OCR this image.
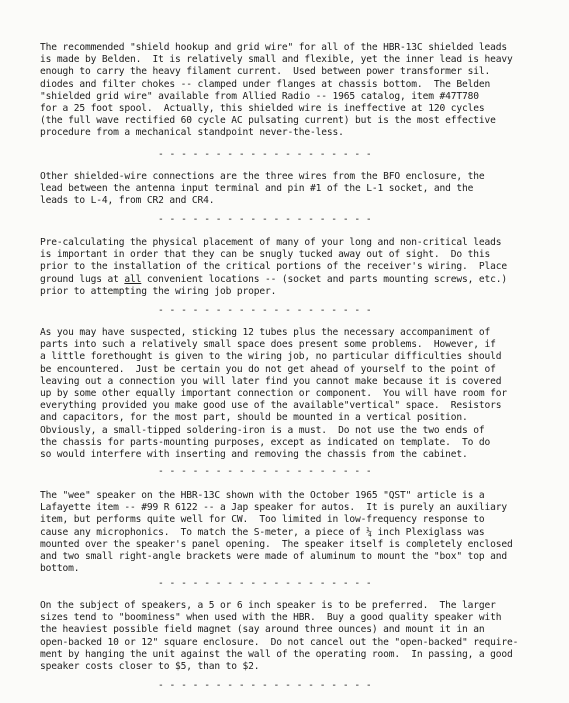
The recommended "shield hookup and grid wire" for all of the HBR-13C shielded leads
is made by Belden.  It is relatively small and flexible, yet the inner lead is heavy
enough to carry the heavy filament current.  Used between power transformer sil.
diodes and filter chokes -- clamped under flanges at chassis bottom.  The Belden
"shielded grid wire" available from Allied Radio -- 1965 catalog, item #47T780
for a 25 foot spool.  Actually, this shielded wire is ineffective at 120 cycles
(the full wave rectified 60 cycle AC pulsating current) but is the most effective
procedure from a mechanical standpoint never-the-less.

- - - - - - - - - - - - - - - - - - -

Other shielded-wire connections are the three wires from the BFO enclosure, the
lead between the antenna input terminal and pin #1 of the L-1 socket, and the
leads to L-4, from CR2 and CR4.

- - - - - - - - - - - - - - - - - - -

Pre-calculating the physical placement of many of your long and non-critical leads
is important in order that they can be snugly tucked away out of sight.  Do this
prior to the installation of the critical portions of the receiver's wiring.  Place
ground lugs at all convenient locations -- (socket and parts mounting screws, etc.)
prior to attempting the wiring job proper.

- - - - - - - - - - - - - - - - - - -

As you may have suspected, sticking 12 tubes plus the necessary accompaniment of
parts into such a relatively small space does present some problems.  However, if
a little forethought is given to the wiring job, no particular difficulties should
be encountered.  Just be certain you do not get ahead of yourself to the point of
leaving out a connection you will later find you cannot make because it is covered
up by some other equally important connection or component.  You will have room for
everything provided you make good use of the available"vertical" space.  Resistors
and capacitors, for the most part, should be mounted in a vertical position.
Obviously, a small-tipped soldering-iron is a must.  Do not use the two ends of
the chassis for parts-mounting purposes, except as indicated on template.  To do
so would interfere with inserting and removing the chassis from the cabinet.

- - - - - - - - - - - - - - - - - - -

The "wee" speaker on the HBR-13C shown with the October 1965 "QST" article is a
Lafayette item -- #99 R 6122 -- a Jap speaker for autos.  It is purely an auxiliary
item, but performs quite well for CW.  Too limited in low-frequency response to
cause any microphonics.  To match the S-meter, a piece of ¼ inch Plexiglass was
mounted over the speaker's panel opening.  The speaker itself is completely enclosed
and two small right-angle brackets were made of aluminum to mount the "box" top and
bottom.

- - - - - - - - - - - - - - - - - - -

On the subject of speakers, a 5 or 6 inch speaker is to be preferred.  The larger
sizes tend to "boominess" when used with the HBR.  Buy a good quality speaker with
the heaviest possible field magnet (say around three ounces) and mount it in an
open-backed 10 or 12" square enclosure.  Do not cancel out the "open-backed" require-
ment by hanging the unit against the wall of the operating room.  In passing, a good
speaker costs closer to $5, than to $2.

- - - - - - - - - - - - - - - - - - -
